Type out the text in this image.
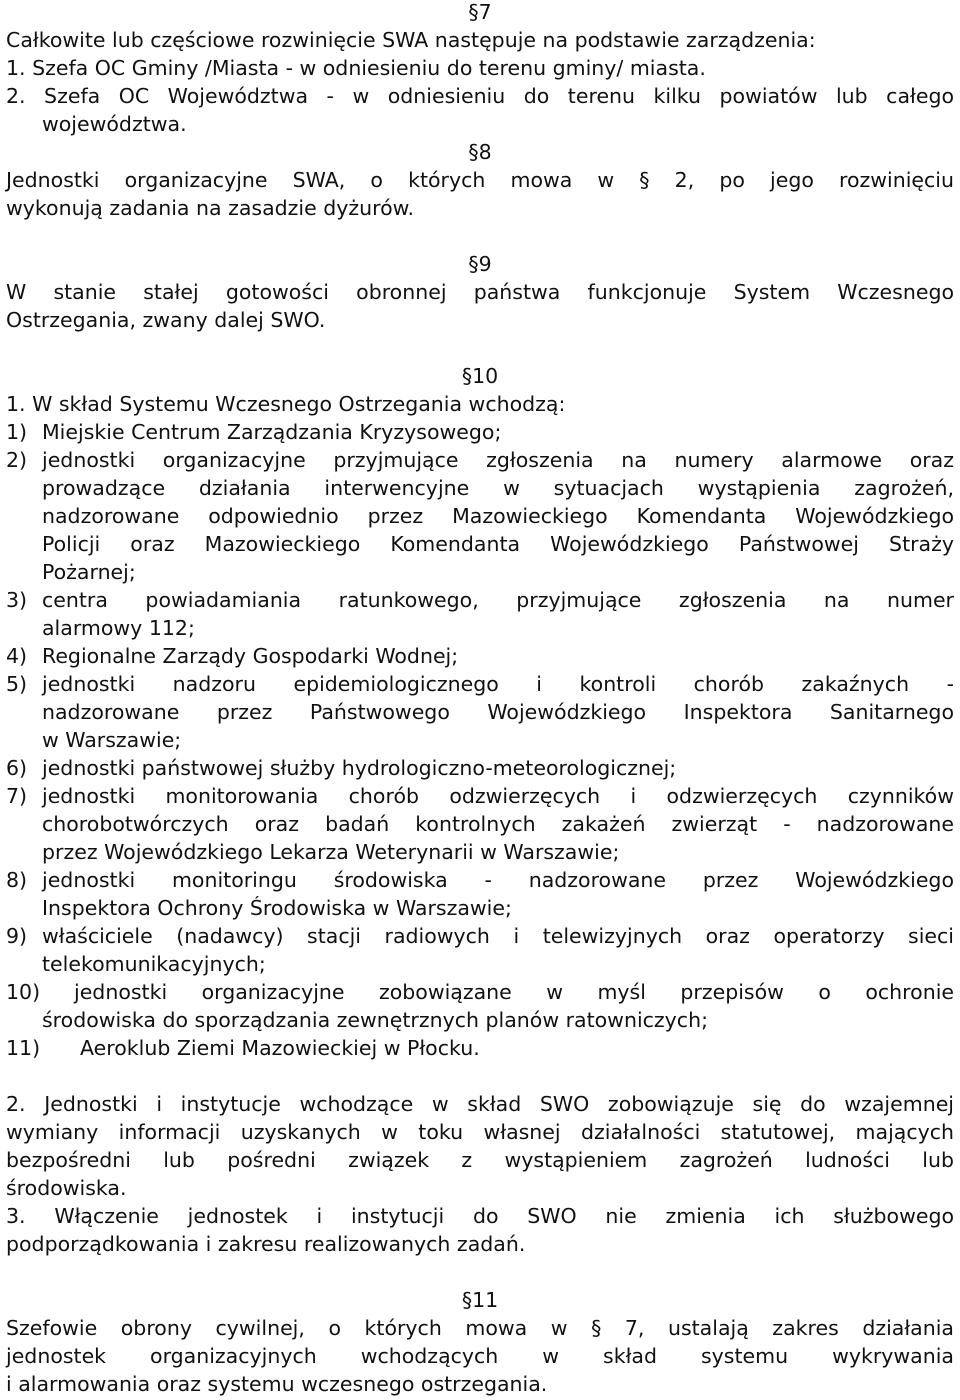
§7
Całkowite lub częściowe rozwinięcie SWA następuje na podstawie zarządzenia:
1. Szefa OC Gminy /Miasta - w odniesieniu do terenu gminy/ miasta.
2. Szefa OC Województwa - w odniesieniu do terenu kilku powiatów lub całego
województwa.
§8
Jednostki organizacyjne SWA, o których mowa w § 2, po jego rozwinięciu
wykonują zadania na zasadzie dyżurów.
§9
W stanie stałej gotowości obronnej państwa funkcjonuje System Wczesnego
Ostrzegania, zwany dalej SWO.
§10
1. W skład Systemu Wczesnego Ostrzegania wchodzą:
1) Miejskie Centrum Zarządzania Kryzysowego;
2) jednostki organizacyjne przyjmujące zgłoszenia na numery alarmowe oraz
prowadzące działania interwencyjne w sytuacjach wystąpienia zagrożeń,
nadzorowane odpowiednio przez Mazowieckiego Komendanta Wojewódzkiego
Policji oraz Mazowieckiego Komendanta Wojewódzkiego Państwowej Straży
Pożarnej;
3) centra powiadamiania ratunkowego, przyjmujące zgłoszenia na numer
alarmowy 112;
4) Regionalne Zarządy Gospodarki Wodnej;
5) jednostki nadzoru epidemiologicznego i kontroli chorób zakaźnych -
nadzorowane przez Państwowego Wojewódzkiego Inspektora Sanitarnego
w Warszawie;
6) jednostki państwowej służby hydrologiczno-meteorologicznej;
7) jednostki monitorowania chorób odzwierzęcych i odzwierzęcych czynników
chorobotwórczych oraz badań kontrolnych zakażeń zwierząt - nadzorowane
przez Wojewódzkiego Lekarza Weterynarii w Warszawie;
8) jednostki monitoringu środowiska - nadzorowane przez Wojewódzkiego
Inspektora Ochrony Środowiska w Warszawie;
9) właściciele (nadawcy) stacji radiowych i telewizyjnych oraz operatorzy sieci
telekomunikacyjnych;
10) jednostki organizacyjne zobowiązane w myśl przepisów o ochronie
środowiska do sporządzania zewnętrznych planów ratowniczych;
11) Aeroklub Ziemi Mazowieckiej w Płocku.
2. Jednostki i instytucje wchodzące w skład SWO zobowiązuje się do wzajemnej
wymiany informacji uzyskanych w toku własnej działalności statutowej, mających
bezpośredni lub pośredni związek z wystąpieniem zagrożeń ludności lub
środowiska.
3. Włączenie jednostek i instytucji do SWO nie zmienia ich służbowego
podporządkowania i zakresu realizowanych zadań.
§11
Szefowie obrony cywilnej, o których mowa w § 7, ustalają zakres działania
jednostek organizacyjnych wchodzących w skład systemu wykrywania
i alarmowania oraz systemu wczesnego ostrzegania.
